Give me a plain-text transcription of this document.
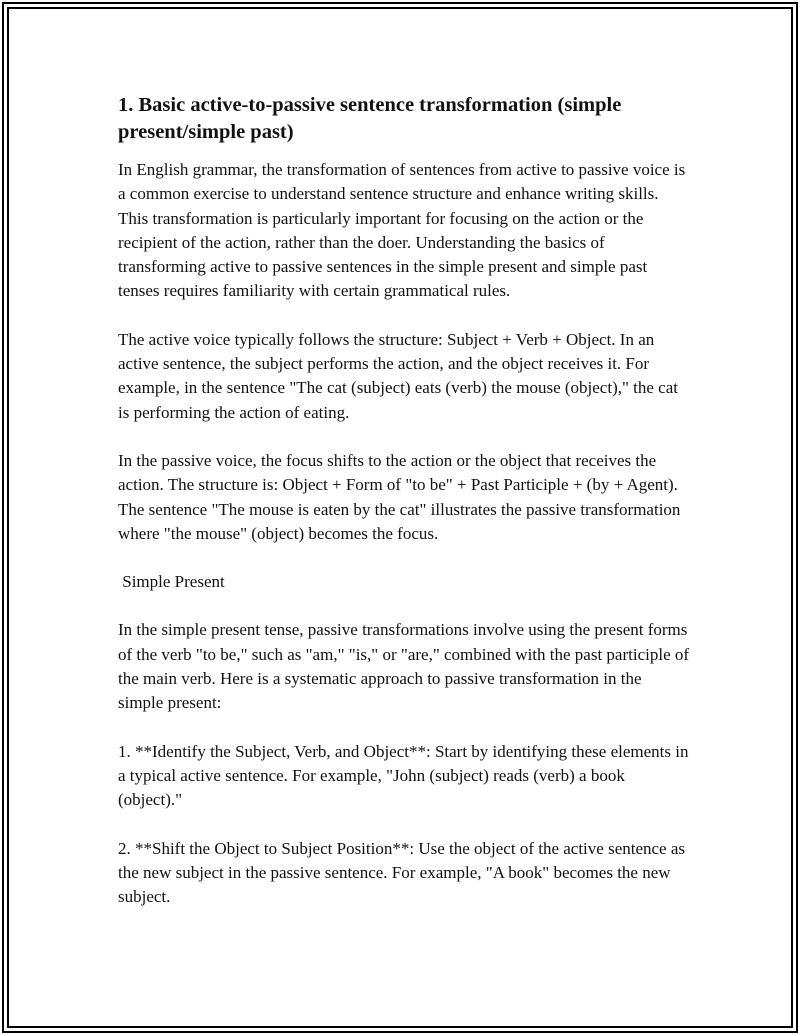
1. Basic active-to-passive sentence transformation (simple present/simple past)

In English grammar, the transformation of sentences from active to passive voice is a common exercise to understand sentence structure and enhance writing skills. This transformation is particularly important for focusing on the action or the recipient of the action, rather than the doer. Understanding the basics of transforming active to passive sentences in the simple present and simple past tenses requires familiarity with certain grammatical rules.

The active voice typically follows the structure: Subject + Verb + Object. In an active sentence, the subject performs the action, and the object receives it. For example, in the sentence "The cat (subject) eats (verb) the mouse (object)," the cat is performing the action of eating.

In the passive voice, the focus shifts to the action or the object that receives the action. The structure is: Object + Form of "to be" + Past Participle + (by + Agent). The sentence "The mouse is eaten by the cat" illustrates the passive transformation where "the mouse" (object) becomes the focus.

Simple Present

In the simple present tense, passive transformations involve using the present forms of the verb "to be," such as "am," "is," or "are," combined with the past participle of the main verb. Here is a systematic approach to passive transformation in the simple present:

1. **Identify the Subject, Verb, and Object**: Start by identifying these elements in a typical active sentence. For example, "John (subject) reads (verb) a book (object)."

2. **Shift the Object to Subject Position**: Use the object of the active sentence as the new subject in the passive sentence. For example, "A book" becomes the new subject.
